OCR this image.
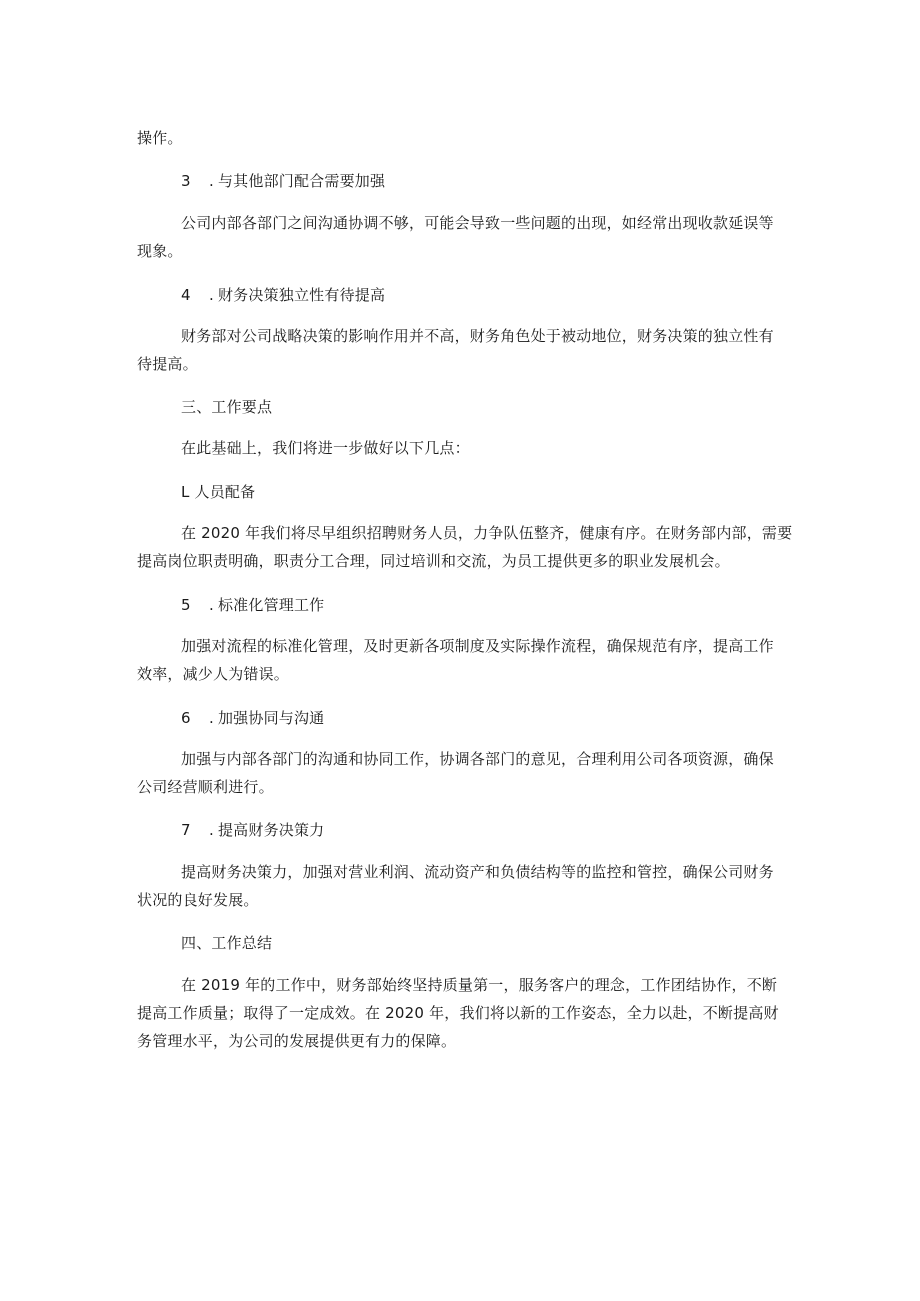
操作。
3 . 与其他部门配合需要加强
公司内部各部门之间沟通协调不够，可能会导致一些问题的出现，如经常出现收款延误等
现象。
4 . 财务决策独立性有待提高
财务部对公司战略决策的影响作用并不高，财务角色处于被动地位，财务决策的独立性有
待提高。
三、工作要点
在此基础上，我们将进一步做好以下几点：
L 人员配备
在 2020 年我们将尽早组织招聘财务人员，力争队伍整齐，健康有序。在财务部内部，需要
提高岗位职责明确，职责分工合理，同过培训和交流，为员工提供更多的职业发展机会。
5 . 标准化管理工作
加强对流程的标准化管理，及时更新各项制度及实际操作流程，确保规范有序，提高工作
效率，减少人为错误。
6 . 加强协同与沟通
加强与内部各部门的沟通和协同工作，协调各部门的意见，合理利用公司各项资源，确保
公司经营顺利进行。
7 . 提高财务决策力
提高财务决策力，加强对营业利润、流动资产和负债结构等的监控和管控，确保公司财务
状况的良好发展。
四、工作总结
在 2019 年的工作中，财务部始终坚持质量第一，服务客户的理念，工作团结协作，不断
提高工作质量；取得了一定成效。在 2020 年，我们将以新的工作姿态，全力以赴，不断提高财
务管理水平，为公司的发展提供更有力的保障。
